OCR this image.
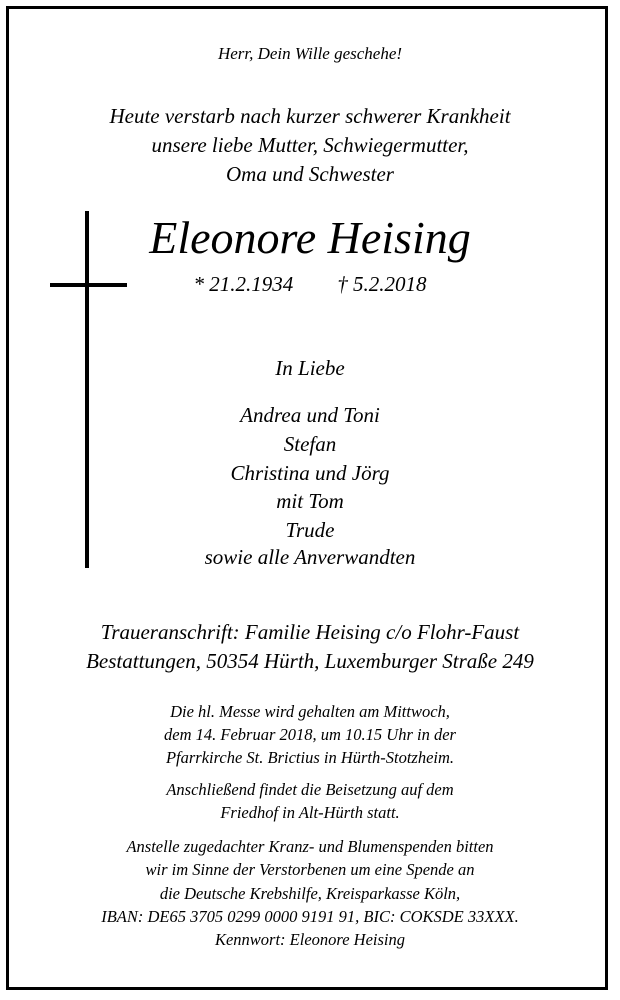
Herr, Dein Wille geschehe!

Heute verstarb nach kurzer schwerer Krankheit

unsere liebe Mutter, Schwiegermutter,

Oma und Schwester

Eleonore Heising

* 21.2.1934 † 5.2.2018

In Liebe

Andrea und Toni

Stefan

Christina und Jörg

mit Tom

Trude

sowie alle Anverwandten

Traueranschrift: Familie Heising c/o Flohr-Faust

Bestattungen, 50354 Hürth, Luxemburger Straße 249

Die hl. Messe wird gehalten am Mittwoch,

dem 14. Februar 2018, um 10.15 Uhr in der

Pfarrkirche St. Brictius in Hürth-Stotzheim.

Anschließend findet die Beisetzung auf dem

Friedhof in Alt-Hürth statt.

Anstelle zugedachter Kranz- und Blumenspenden bitten

wir im Sinne der Verstorbenen um eine Spende an

die Deutsche Krebshilfe, Kreisparkasse Köln,

IBAN: DE65 3705 0299 0000 9191 91, BIC: COKSDE 33XXX.

Kennwort: Eleonore Heising
